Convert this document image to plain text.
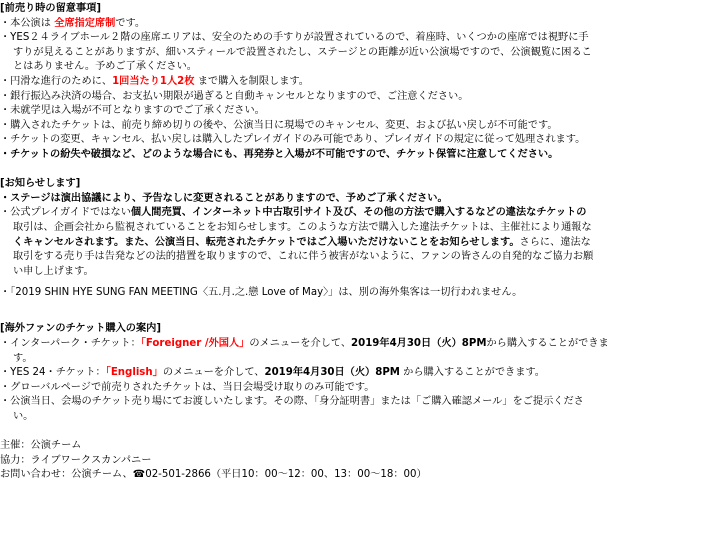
[前売り時の留意事項]
・本公演は 全席指定席制です。
・YES２４ライブホール２階の座席エリアは、安全のための手すりが設置されているので、着座時、いくつかの座席では視野に手
すりが見えることがありますが、細いスティールで設置されたし、ステージとの距離が近い公演場ですので、公演観覧に困るこ
とはありません。予めご了承ください。
・円滑な進行のために、1回当たり1人2枚 まで購入を制限します。
・銀行振込み決済の場合、お支払い期限が過ぎると自動キャンセルとなりますので、ご注意ください。
・未就学児は入場が不可となりますのでご了承ください。
・購入されたチケットは、前売り締め切りの後や、公演当日に現場でのキャンセル、変更、および払い戻しが不可能です。
・チケットの変更、キャンセル、払い戻しは購入したプレイガイドのみ可能であり、プレイガイドの規定に従って処理されます。
・チケットの紛失や破損など、どのような場合にも、再発券と入場が不可能ですので、チケット保管に注意してください。
[お知らせします]
・ステージは演出協議により、予告なしに変更されることがありますので、予めご了承ください。
・公式プレイガイドではない個人間売買、インターネット中古取引サイト及び、その他の方法で購入するなどの違法なチケットの
取引は、企画会社から監視されていることをお知らせします。このような方法で購入した違法チケットは、主催社により通報な
くキャンセルされます。また、公演当日、転売されたチケットではご入場いただけないことをお知らせします。さらに、違法な
取引をする売り手は告発などの法的措置を取りますので、これに伴う被害がないように、ファンの皆さんの自発的なご協力お願
い申し上げます。
・「2019 SHIN HYE SUNG FAN MEETING〈五.月.之.戀 Love of May〉」は、別の海外集客は一切行われません。
[海外ファンのチケット購入の案内]
・インターパーク・チケット：「Foreigner /外国人」のメニューを介して、2019年4月30日（火）8PMから購入することができま
す。
・YES 24・チケット：「English」のメニューを介して、2019年4月30日（火）8PM から購入することができます。
・グローバルページで前売りされたチケットは、当日会場受け取りのみ可能です。
・公演当日、会場のチケット売り場にてお渡しいたします。その際、「身分証明書」または「ご購入確認メール」をご提示くださ
い。
主催：公演チーム
協力：ライブワークスカンパニー
お問い合わせ：公演チーム、☎02-501-2866（平日10：00～12：00、13：00～18：00）
